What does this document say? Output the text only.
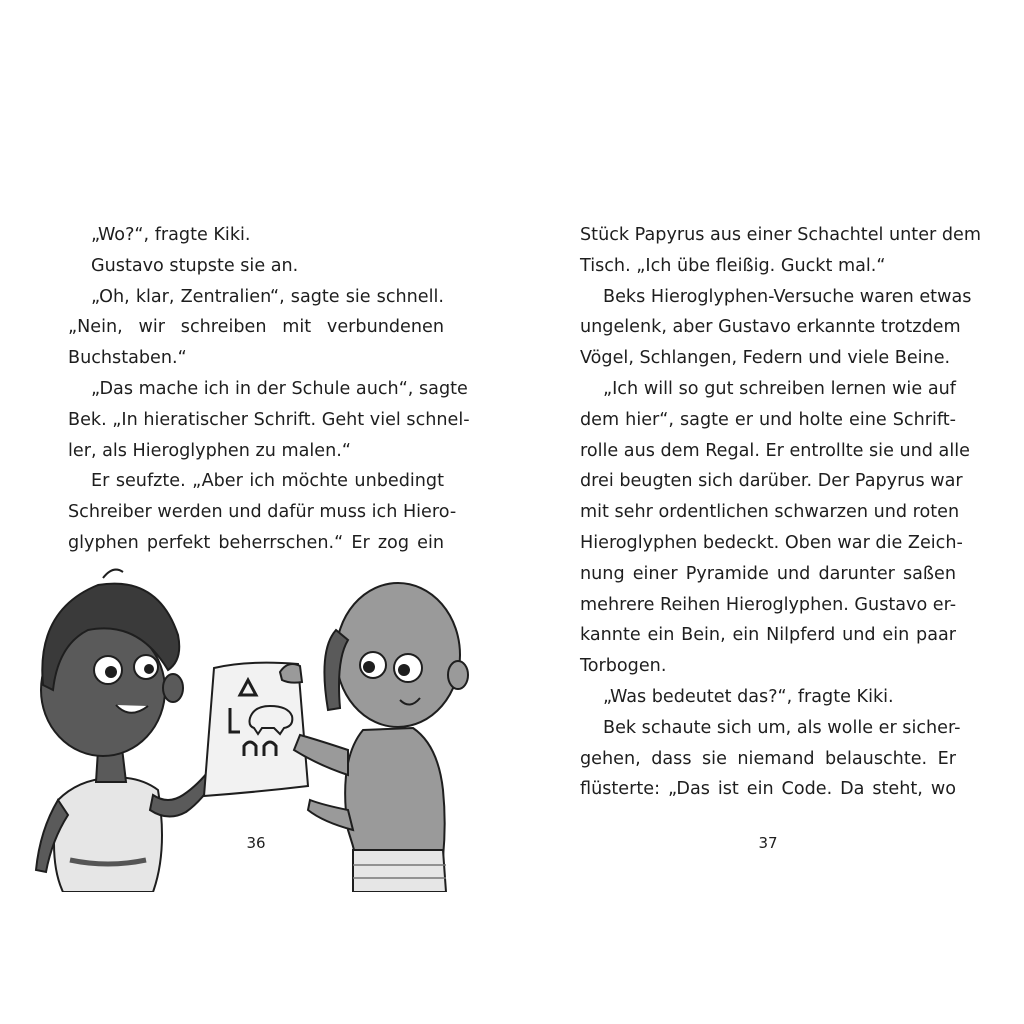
„Wo?“, fragte Kiki.
Gustavo stupste sie an.
„Oh, klar, Zentralien“, sagte sie schnell.
„Nein, wir schreiben mit verbundenen
Buchstaben.“
„Das mache ich in der Schule auch“, sagte
Bek. „In hieratischer Schrift. Geht viel schnel-
ler, als Hieroglyphen zu malen.“
Er seufzte. „Aber ich möchte unbedingt
Schreiber werden und dafür muss ich Hiero-
glyphen perfekt beherrschen.“ Er zog ein
36
Stück Papyrus aus einer Schachtel unter dem
Tisch. „Ich übe fleißig. Guckt mal.“
Beks Hieroglyphen-Versuche waren etwas
ungelenk, aber Gustavo erkannte trotzdem
Vögel, Schlangen, Federn und viele Beine.
„Ich will so gut schreiben lernen wie auf
dem hier“, sagte er und holte eine Schrift-
rolle aus dem Regal. Er entrollte sie und alle
drei beugten sich darüber. Der Papyrus war
mit sehr ordentlichen schwarzen und roten
Hieroglyphen bedeckt. Oben war die Zeich-
nung einer Pyramide und darunter saßen
mehrere Reihen Hieroglyphen. Gustavo er-
kannte ein Bein, ein Nilpferd und ein paar
Torbogen.
„Was bedeutet das?“, fragte Kiki.
Bek schaute sich um, als wolle er sicher-
gehen, dass sie niemand belauschte. Er
flüsterte: „Das ist ein Code. Da steht, wo
37
